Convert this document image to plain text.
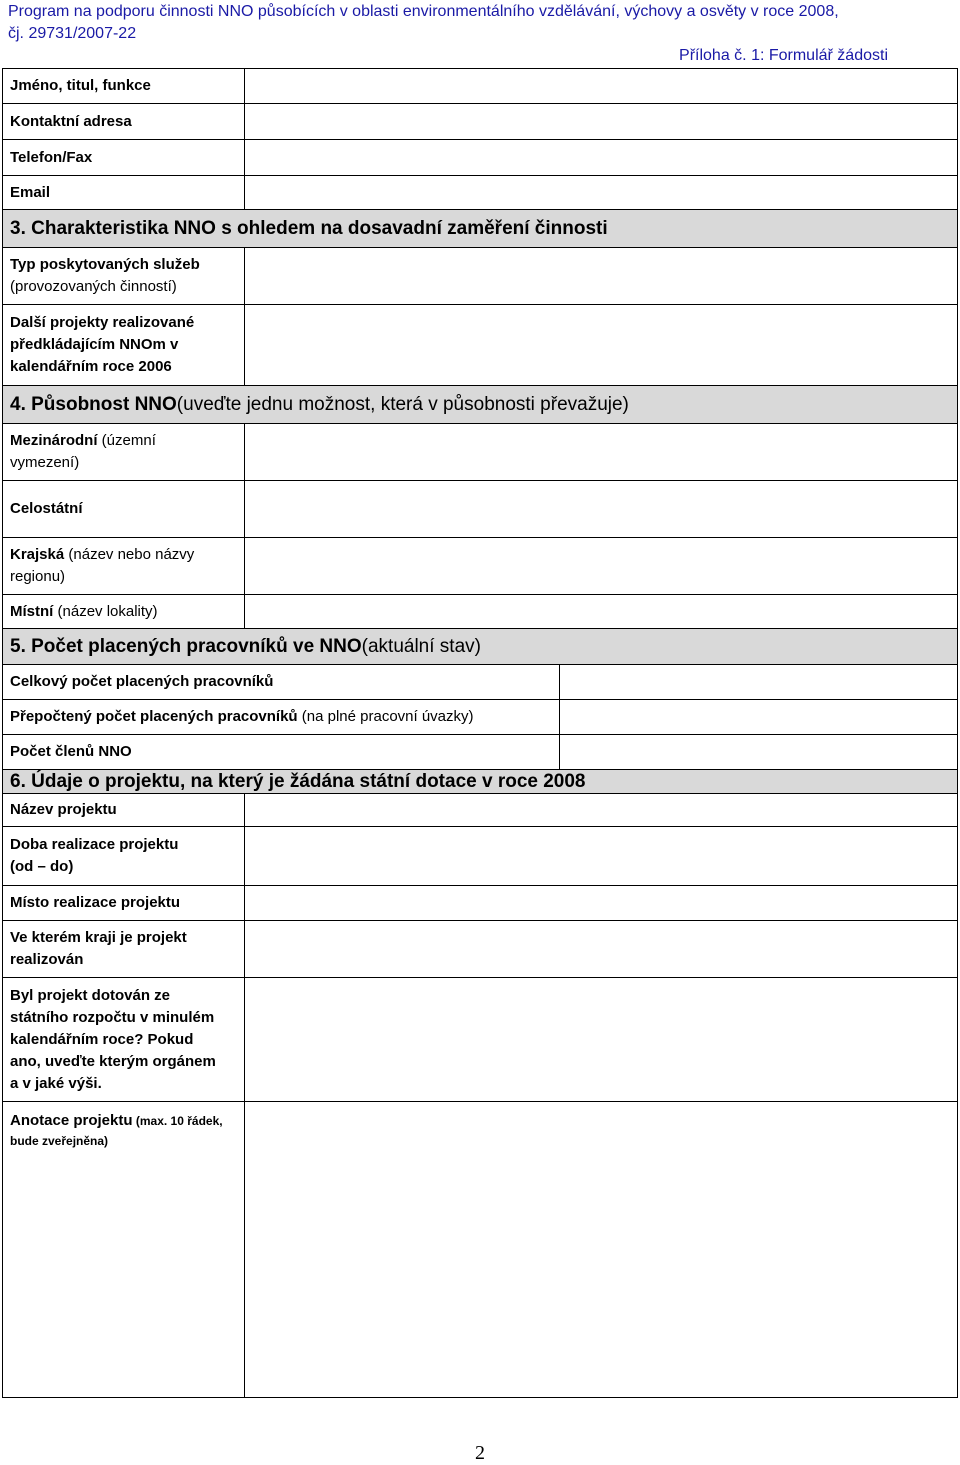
Program na podporu činnosti NNO působících v oblasti environmentálního vzdělávání, výchovy a osvěty v roce 2008,
čj. 29731/2007-22
Příloha č. 1: Formulář žádosti
Jméno, titul, funkce
Kontaktní adresa
Telefon/Fax
Email
3. Charakteristika NNO s ohledem na dosavadní zaměření činnosti
Typ poskytovaných služeb
(provozovaných činností)
Další projekty realizované
předkládajícím NNOm v
kalendářním roce 2006
4. Působnost NNO (uveďte jednu možnost, která v působnosti převažuje)
Mezinárodní (územní
vymezení)
Celostátní
Krajská (název nebo názvy
regionu)
Místní (název lokality)
5. Počet placených pracovníků ve NNO (aktuální stav)
Celkový počet placených pracovníků
Přepočtený počet placených pracovníků (na plné pracovní úvazky)
Počet členů NNO
6. Údaje o projektu, na který je žádána státní dotace v roce 2008
Název projektu
Doba realizace projektu
(od – do)
Místo realizace projektu
Ve kterém kraji je projekt
realizován
Byl projekt dotován ze
státního rozpočtu v minulém
kalendářním roce? Pokud
ano, uveďte kterým orgánem
a v jaké výši.
Anotace projektu (max. 10 řádek,
bude zveřejněna)
2
